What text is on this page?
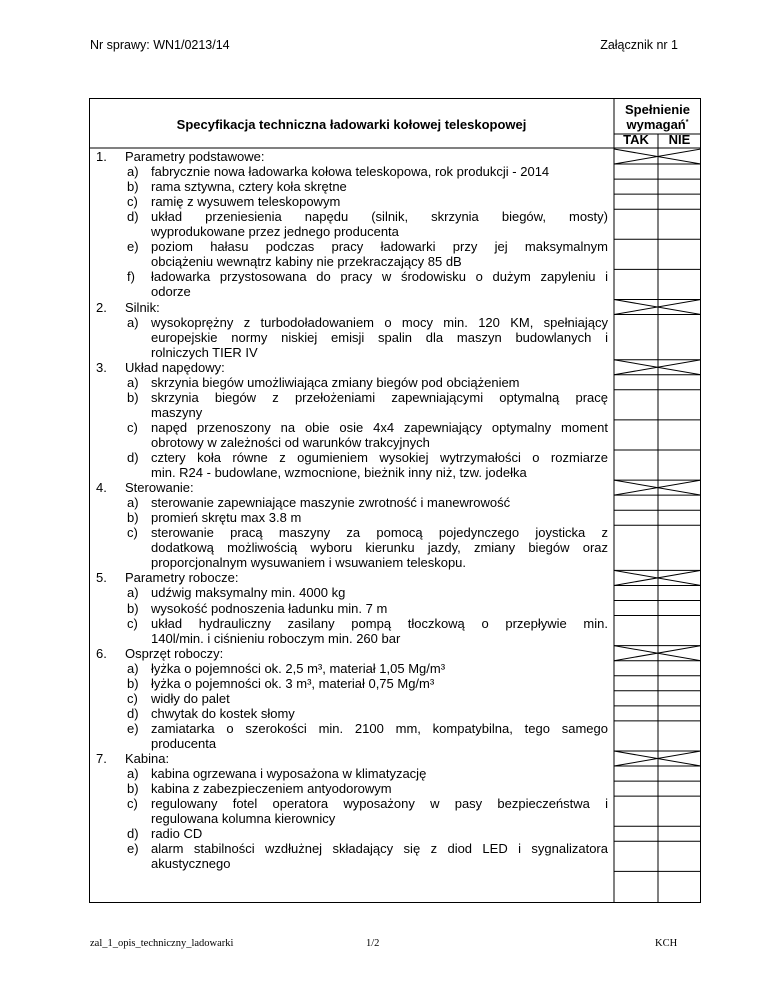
Nr sprawy: WN1/0213/14	Załącznik nr 1
Specyfikacja techniczna ładowarki kołowej teleskopowej
Spełnienie
wymagań*
TAK	NIE
1. Parametry podstawowe:
a) fabrycznie nowa ładowarka kołowa teleskopowa, rok produkcji - 2014
b) rama sztywna, cztery koła skrętne
c) ramię z wysuwem teleskopowym
d) układ przeniesienia napędu (silnik, skrzynia biegów, mosty)
wyprodukowane przez jednego producenta
e) poziom hałasu podczas pracy ładowarki przy jej maksymalnym
obciążeniu wewnątrz kabiny nie przekraczający 85 dB
f) ładowarka przystosowana do pracy w środowisku o dużym zapyleniu i
odorze
2. Silnik:
a) wysokoprężny z turbodoładowaniem o mocy min. 120 KM, spełniający
europejskie normy niskiej emisji spalin dla maszyn budowlanych i
rolniczych TIER IV
3. Układ napędowy:
a) skrzynia biegów umożliwiająca zmiany biegów pod obciążeniem
b) skrzynia biegów z przełożeniami zapewniającymi optymalną pracę
maszyny
c) napęd przenoszony na obie osie 4x4 zapewniający optymalny moment
obrotowy w zależności od warunków trakcyjnych
d) cztery koła równe z ogumieniem wysokiej wytrzymałości o rozmiarze
min. R24 - budowlane, wzmocnione, bieżnik inny niż, tzw. jodełka
4. Sterowanie:
a) sterowanie zapewniające maszynie zwrotność i manewrowość
b) promień skrętu max 3.8 m
c) sterowanie pracą maszyny za pomocą pojedynczego joysticka z
dodatkową możliwością wyboru kierunku jazdy, zmiany biegów oraz
proporcjonalnym wysuwaniem i wsuwaniem teleskopu.
5. Parametry robocze:
a) udźwig maksymalny min. 4000 kg
b) wysokość podnoszenia ładunku min. 7 m
c) układ hydrauliczny zasilany pompą tłoczkową o przepływie min.
140l/min. i ciśnieniu roboczym min. 260 bar
6. Osprzęt roboczy:
a) łyżka o pojemności ok. 2,5 m³, materiał 1,05 Mg/m³
b) łyżka o pojemności ok. 3 m³, materiał 0,75 Mg/m³
c) widły do palet
d) chwytak do kostek słomy
e) zamiatarka o szerokości min. 2100 mm, kompatybilna, tego samego
producenta
7. Kabina:
a) kabina ogrzewana i wyposażona w klimatyzację
b) kabina z zabezpieczeniem antyodorowym
c) regulowany fotel operatora wyposażony w pasy bezpieczeństwa i
regulowana kolumna kierownicy
d) radio CD
e) alarm stabilności wzdłużnej składający się z diod LED i sygnalizatora
akustycznego
zal_1_opis_techniczny_ladowarki	1/2	KCH
